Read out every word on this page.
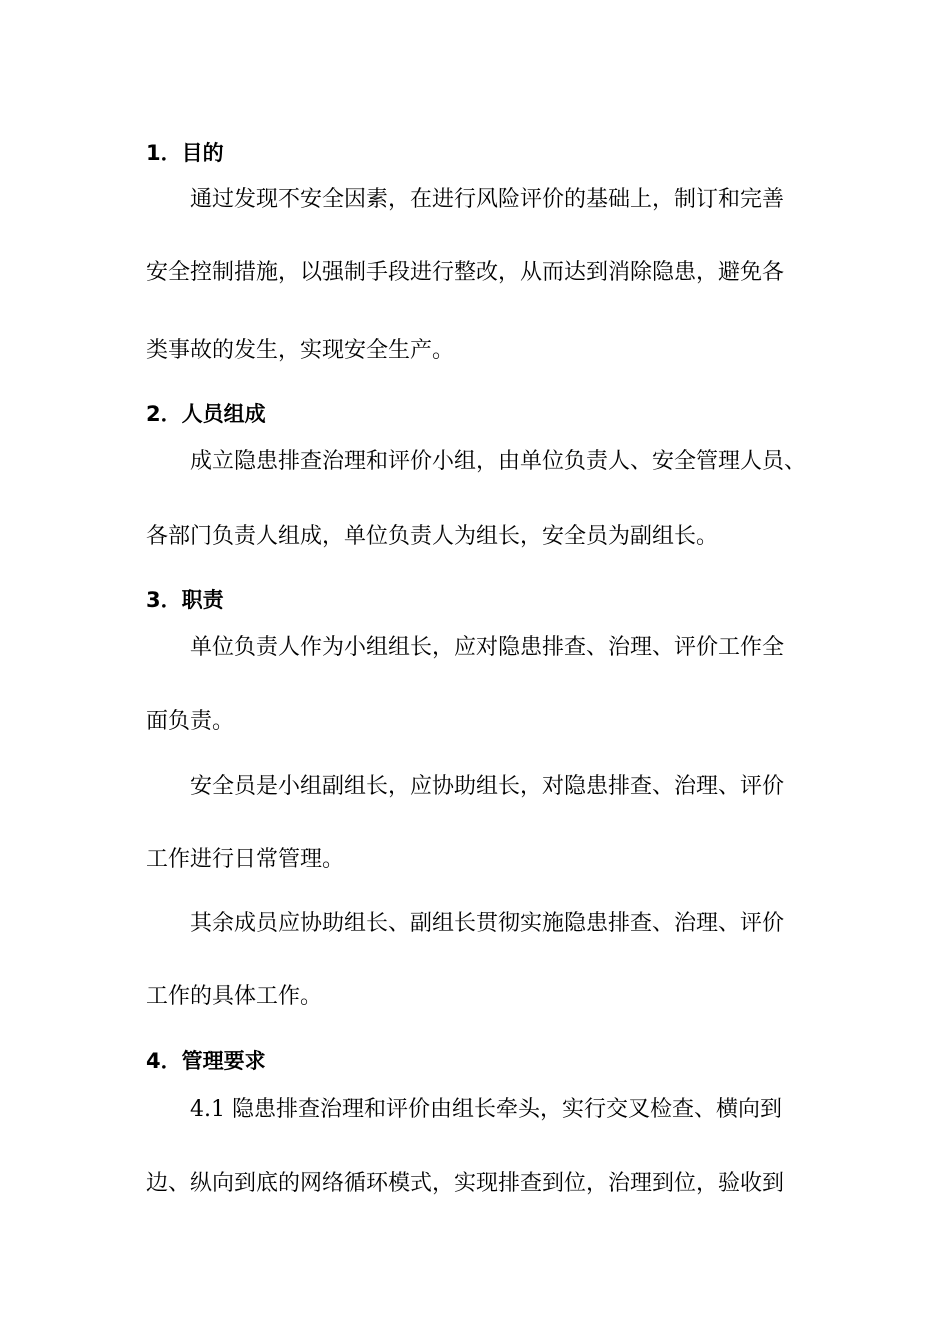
1．目的
通过发现不安全因素，在进行风险评价的基础上，制订和完善
安全控制措施，以强制手段进行整改，从而达到消除隐患，避免各
类事故的发生，实现安全生产。
2．人员组成
成立隐患排查治理和评价小组，由单位负责人、安全管理人员、
各部门负责人组成，单位负责人为组长，安全员为副组长。
3．职责
单位负责人作为小组组长，应对隐患排查、治理、评价工作全
面负责。
安全员是小组副组长，应协助组长，对隐患排查、治理、评价
工作进行日常管理。
其余成员应协助组长、副组长贯彻实施隐患排查、治理、评价
工作的具体工作。
4．管理要求
4.1 隐患排查治理和评价由组长牵头，实行交叉检查、横向到
边、纵向到底的网络循环模式，实现排查到位，治理到位，验收到
